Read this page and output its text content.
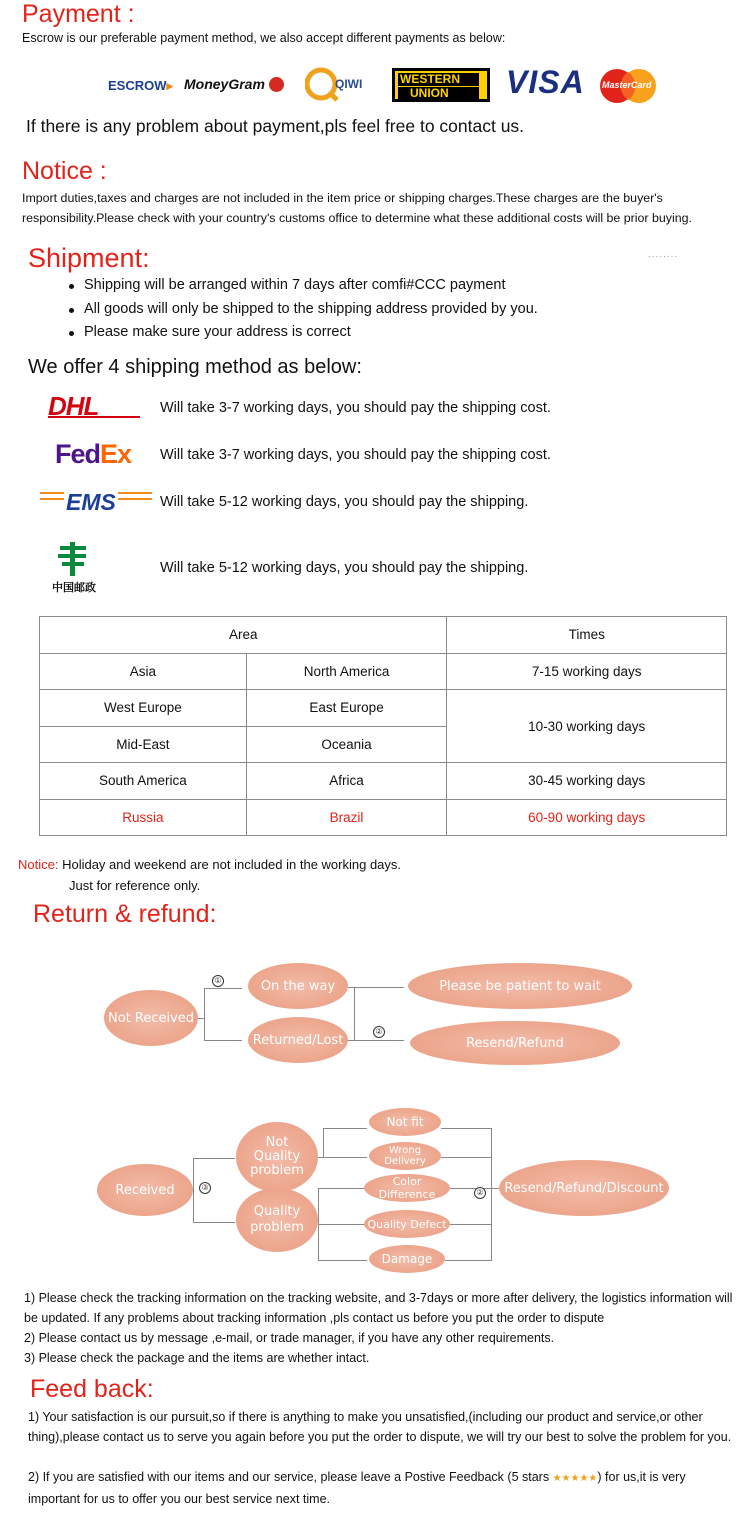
Payment :
Escrow is our preferable payment method, we also accept different payments as below:
ESCROW▸ MoneyGram	QIWI	WESTERN
UNION	VISA MasterCard
If there is any problem about payment,pls feel free to contact us.
Notice :
Import duties,taxes and charges are not included in the item price or shipping charges.These charges are the buyer's responsibility.Please check with your country's customs office to determine what these additional costs will be prior buying.
Shipment:	........
Shipping will be arranged within 7 days after comfi#CCC payment
All goods will only be shipped to the shipping address provided by you.
Please make sure your address is correct
We offer 4 shipping method as below:
DHL	Will take 3-7 working days, you should pay the shipping cost.
FedEx Will take 3-7 working days, you should pay the shipping cost.
EMS	Will take 5-12 working days, you should pay the shipping.
中国邮政
Will take 5-12 working days, you should pay the shipping.
Area		Times
Asia	North America	7-15 working days
West Europe	East Europe	10-30 working days
Mid-East	Oceania	
South America	Africa	30-45 working days
Russia	Brazil	60-90 working days
Notice: Holiday and weekend are not included in the working days.
Just for reference only.
Return & refund:
Not Received
①	On the way
Returned/Lost
②
Please be patient to wait
Resend/Refund
Received	③
Not Quality problem
Quality problem
Not fit
Wrong Delivery
Color Difference
Quality Defect
Damage
②	Resend/Refund/Discount
1) Please check the tracking information on the tracking website, and 3-7days or more after delivery, the logistics information will be updated. If any problems about tracking information ,pls contact us before you put the order to dispute
2) Please contact us by message ,e-mail, or trade manager, if you have any other requirements.
3) Please check the package and the items are whether intact.
Feed back:
1) Your satisfaction is our pursuit,so if there is anything to make you unsatisfied,(including our product and service,or other thing),please contact us to serve you again before you put the order to dispute, we will try our best to solve the problem for you.
2) If you are satisfied with our items and our service, please leave a Postive Feedback (5 stars ★★★★★) for us,it is very important for us to offer you our best service next time.
